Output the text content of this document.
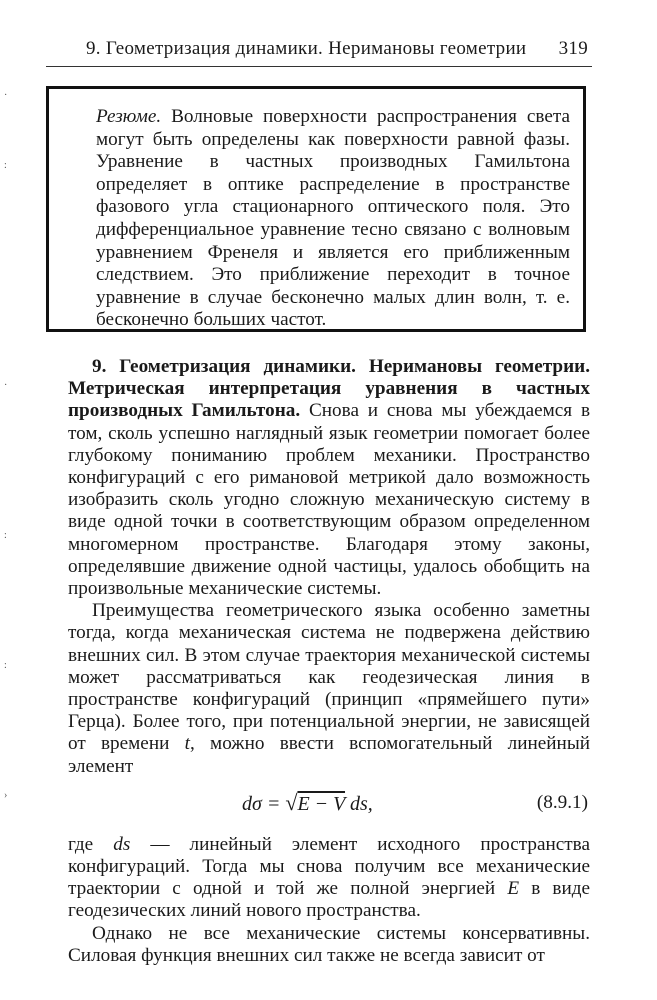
9. Геометризация динамики. Неримановы геометрии 319
Резюме. Волновые поверхности распространения света могут быть определены как поверхности равной фазы. Уравнение в частных производных Гамильтона определяет в оптике распределение в пространстве фазового угла стационарного оптического поля. Это дифференциальное уравнение тесно связано с волновым уравнением Френеля и является его приближенным следствием. Это приближение переходит в точное уравнение в случае бесконечно малых длин волн, т. е. бесконечно больших частот.

9. Геометризация динамики. Неримановы геометрии. Метрическая интерпретация уравнения в частных производных Гамильтона. Снова и снова мы убеждаемся в том, сколь успешно наглядный язык геометрии помогает более глубокому пониманию проблем механики. Пространство конфигураций с его римановой метрикой дало возможность изобразить сколь угодно сложную механическую систему в виде одной точки в соответствующим образом определенном многомерном пространстве. Благодаря этому законы, определявшие движение одной частицы, удалось обобщить на произвольные механические системы.

Преимущества геометрического языка особенно заметны тогда, когда механическая система не подвержена действию внешних сил. В этом случае траектория механической системы может рассматриваться как геодезическая линия в пространстве конфигураций (принцип «прямейшего пути» Герца). Более того, при потенциальной энергии, не зависящей от времени t, можно ввести вспомогательный линейный элемент

dσ = √E − V ds,	(8.9.1)

где ds — линейный элемент исходного пространства конфигураций. Тогда мы снова получим все механические траектории с одной и той же полной энергией E в виде геодезических линий нового пространства.

Однако не все механические системы консервативны. Силовая функция внешних сил также не всегда зависит от

·
:
·
:
:
›
